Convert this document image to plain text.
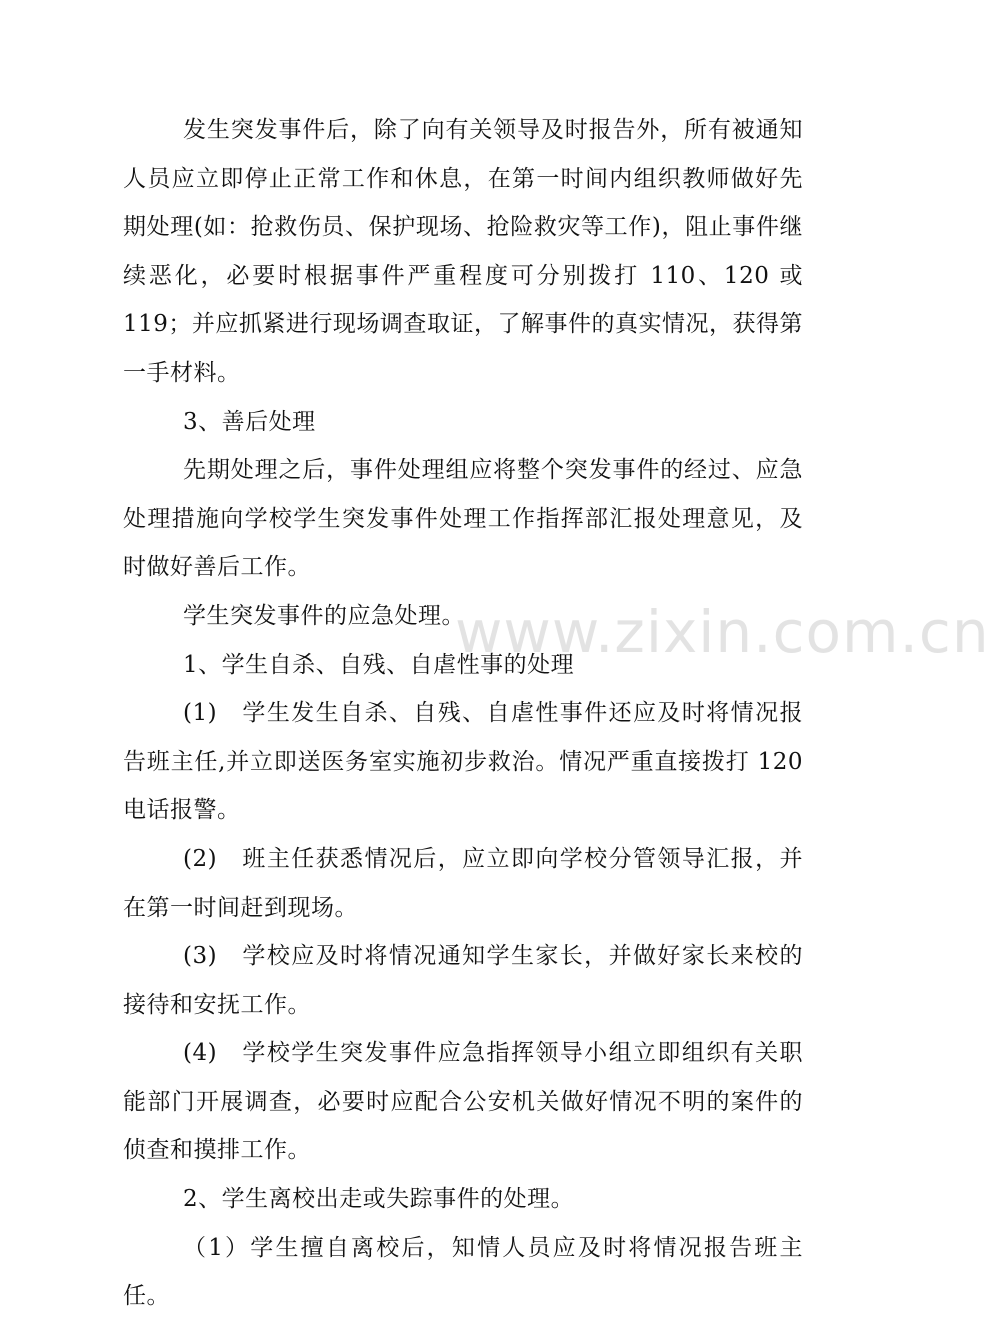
发生突发事件后，除了向有关领导及时报告外，所有被通知人员应立即停止正常工作和休息，在第一时间内组织教师做好先期处理(如：抢救伤员、保护现场、抢险救灾等工作)，阻止事件继续恶化，必要时根据事件严重程度可分别拨打 110、120 或 119；并应抓紧进行现场调查取证，了解事件的真实情况，获得第一手材料。

3、善后处理

先期处理之后，事件处理组应将整个突发事件的经过、应急处理措施向学校学生突发事件处理工作指挥部汇报处理意见，及时做好善后工作。

学生突发事件的应急处理。

1、学生自杀、自残、自虐性事的处理

(1)　学生发生自杀、自残、自虐性事件还应及时将情况报告班主任,并立即送医务室实施初步救治。情况严重直接拨打 120 电话报警。

(2)　班主任获悉情况后，应立即向学校分管领导汇报，并在第一时间赶到现场。

(3)　学校应及时将情况通知学生家长，并做好家长来校的接待和安抚工作。

(4)　学校学生突发事件应急指挥领导小组立即组织有关职能部门开展调查，必要时应配合公安机关做好情况不明的案件的侦查和摸排工作。

2、学生离校出走或失踪事件的处理。

（1）学生擅自离校后，知情人员应及时将情况报告班主任。

www.zixin.com.cn
